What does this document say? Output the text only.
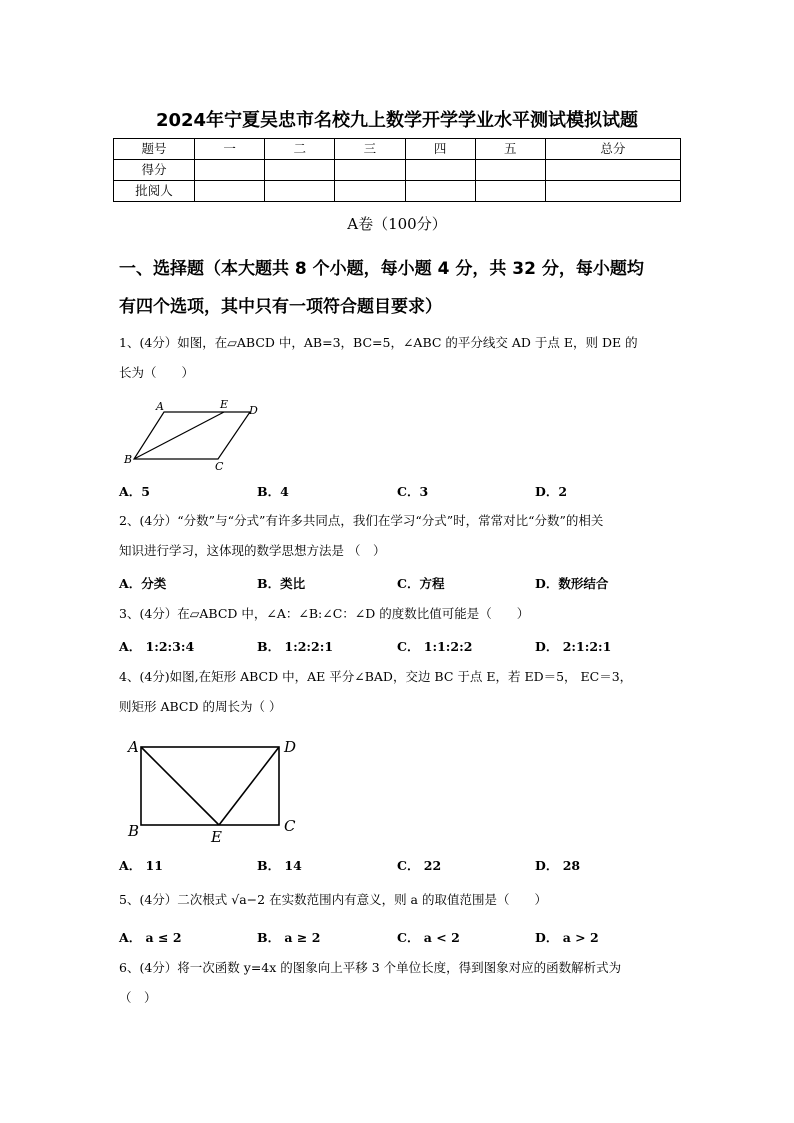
2024年宁夏吴忠市名校九上数学开学学业水平测试模拟试题
题号	一	二	三	四	五	总分
得分						
批阅人						
A卷（100分）
一、选择题（本大题共 8 个小题，每小题 4 分，共 32 分，每小题均
有四个选项，其中只有一项符合题目要求）
1、(4分）如图，在▱ABCD 中，AB=3，BC=5，∠ABC 的平分线交 AD 于点 E，则 DE 的
长为（　　）
A	E D
B
C
A．5	B．4	C．3	D．2
2、(4分）“分数”与“分式”有许多共同点，我们在学习“分式”时，常常对比“分数”的相关
知识进行学习，这体现的数学思想方法是 （　）
A．分类	B．类比	C．方程	D．数形结合
3、(4分）在▱ABCD 中，∠A：∠B:∠C：∠D 的度数比值可能是（　　）
A． 1:2:3:4	B． 1:2:2:1	C． 1:1:2:2	D． 2:1:2:1
4、(4分)如图,在矩形 ABCD 中，AE 平分∠BAD，交边 BC 于点 E，若 ED＝5， EC＝3，
则矩形 ABCD 的周长为（ ）
A	D
B	E
C
A． 11	B． 14	C． 22	D． 28
5、(4分）二次根式 √a−2 在实数范围内有意义，则 a 的取值范围是（　　）
A． a ≤ 2	B． a ≥ 2	C． a < 2	D． a > 2
6、(4分）将一次函数 y=4x 的图象向上平移 3 个单位长度，得到图象对应的函数解析式为
（　）
